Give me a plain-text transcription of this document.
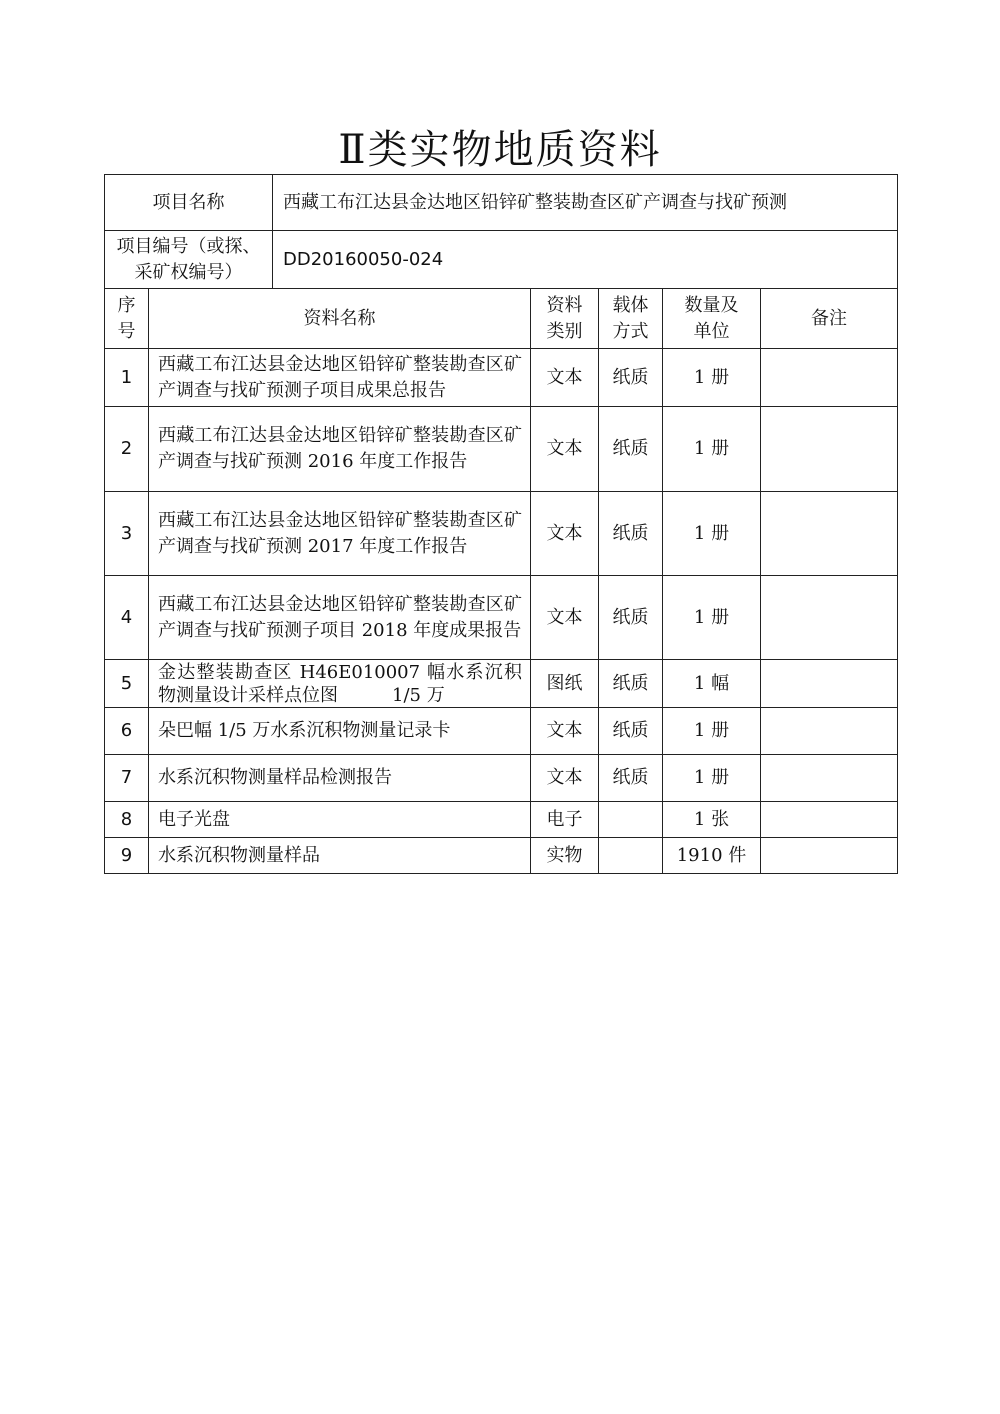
Ⅱ类实物地质资料
项目名称		西藏工布江达县金达地区铅锌矿整装勘查区矿产调查与找矿预测				
项目编号（或探、采矿权编号）		DD20160050-024				
序号	资料名称		资料类别	载体方式	数量及单位	备注
1	西藏工布江达县金达地区铅锌矿整装勘查区矿产调查与找矿预测子项目成果总报告		文本	纸质	1 册	
2	西藏工布江达县金达地区铅锌矿整装勘查区矿产调查与找矿预测 2016 年度工作报告		文本	纸质	1 册	
3	西藏工布江达县金达地区铅锌矿整装勘查区矿产调查与找矿预测 2017 年度工作报告		文本	纸质	1 册	
4	西藏工布江达县金达地区铅锌矿整装勘查区矿产调查与找矿预测子项目 2018 年度成果报告		文本	纸质	1 册	
5	金达整装勘查区 H46E010007 幅水系沉积物测量设计采样点位图　　　1/5 万		图纸	纸质	1 幅	
6	朵巴幅 1/5 万水系沉积物测量记录卡		文本	纸质	1 册	
7	水系沉积物测量样品检测报告		文本	纸质	1 册	
8	电子光盘		电子		1 张	
9	水系沉积物测量样品		实物		1910 件	
